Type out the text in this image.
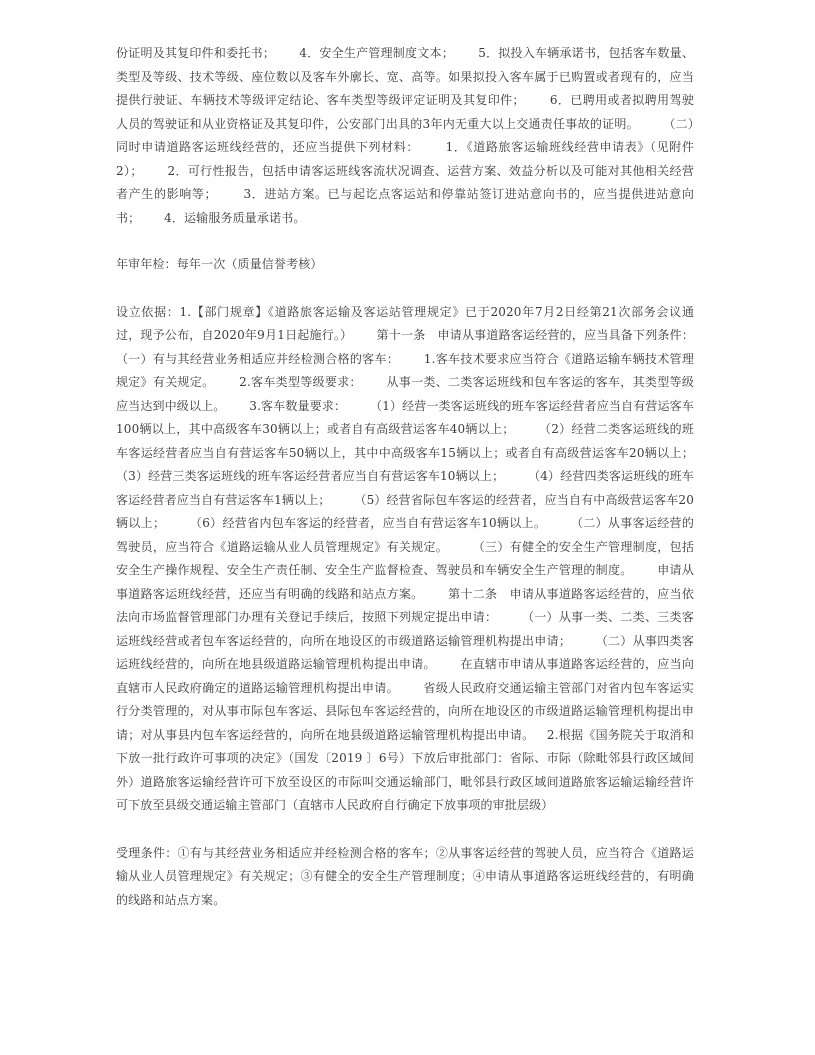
份证明及其复印件和委托书；      4．安全生产管理制度文本；      5．拟投入车辆承诺书，包括客车数量、类型及等级、技术等级、座位数以及客车外廓长、宽、高等。如果拟投入客车属于已购置或者现有的，应当提供行驶证、车辆技术等级评定结论、客车类型等级评定证明及其复印件；      6．已聘用或者拟聘用驾驶人员的驾驶证和从业资格证及其复印件，公安部门出具的3年内无重大以上交通责任事故的证明。      （二）同时申请道路客运班线经营的，还应当提供下列材料：      1．《道路旅客运输班线经营申请表》（见附件2）；      2．可行性报告，包括申请客运班线客流状况调查、运营方案、效益分析以及可能对其他相关经营者产生的影响等；      3．进站方案。已与起讫点客运站和停靠站签订进站意向书的，应当提供进站意向书；      4．运输服务质量承诺书。

年审年检：每年一次（质量信誉考核）

设立依据：1.【部门规章】《道路旅客运输及客运站管理规定》已于2020年7月2日经第21次部务会议通过，现予公布，自2020年9月1日起施行。）      第十一条   申请从事道路客运经营的，应当具备下列条件：（一）有与其经营业务相适应并经检测合格的客车：      1.客车技术要求应当符合《道路运输车辆技术管理规定》有关规定。      2.客车类型等级要求：      从事一类、二类客运班线和包车客运的客车，其类型等级应当达到中级以上。      3.客车数量要求：      （1）经营一类客运班线的班车客运经营者应当自有营运客车100辆以上，其中高级客车30辆以上；或者自有高级营运客车40辆以上；      （2）经营二类客运班线的班车客运经营者应当自有营运客车50辆以上，其中中高级客车15辆以上；或者自有高级营运客车20辆以上；      （3）经营三类客运班线的班车客运经营者应当自有营运客车10辆以上；      （4）经营四类客运班线的班车客运经营者应当自有营运客车1辆以上；      （5）经营省际包车客运的经营者，应当自有中高级营运客车20辆以上；      （6）经营省内包车客运的经营者，应当自有营运客车10辆以上。      （二）从事客运经营的驾驶员，应当符合《道路运输从业人员管理规定》有关规定。      （三）有健全的安全生产管理制度，包括安全生产操作规程、安全生产责任制、安全生产监督检查、驾驶员和车辆安全生产管理的制度。      申请从事道路客运班线经营，还应当有明确的线路和站点方案。      第十二条   申请从事道路客运经营的，应当依法向市场监督管理部门办理有关登记手续后，按照下列规定提出申请：      （一）从事一类、二类、三类客运班线经营或者包车客运经营的，向所在地设区的市级道路运输管理机构提出申请；      （二）从事四类客运班线经营的，向所在地县级道路运输管理机构提出申请。      在直辖市申请从事道路客运经营的，应当向直辖市人民政府确定的道路运输管理机构提出申请。      省级人民政府交通运输主管部门对省内包车客运实行分类管理的，对从事市际包车客运、县际包车客运经营的，向所在地设区的市级道路运输管理机构提出申请；对从事县内包车客运经营的，向所在地县级道路运输管理机构提出申请。   2.根据《国务院关于取消和下放一批行政许可事项的决定》（国发〔2019 〕6号）下放后审批部门：省际、市际（除毗邻县行政区域间外）道路旅客运输经营许可下放至设区的市际叫交通运输部门，毗邻县行政区域间道路旅客运输运输经营许可下放至县级交通运输主管部门（直辖市人民政府自行确定下放事项的审批层级）

受理条件：①有与其经营业务相适应并经检测合格的客车；②从事客运经营的驾驶人员，应当符合《道路运输从业人员管理规定》有关规定；③有健全的安全生产管理制度；④申请从事道路客运班线经营的，有明确的线路和站点方案。
